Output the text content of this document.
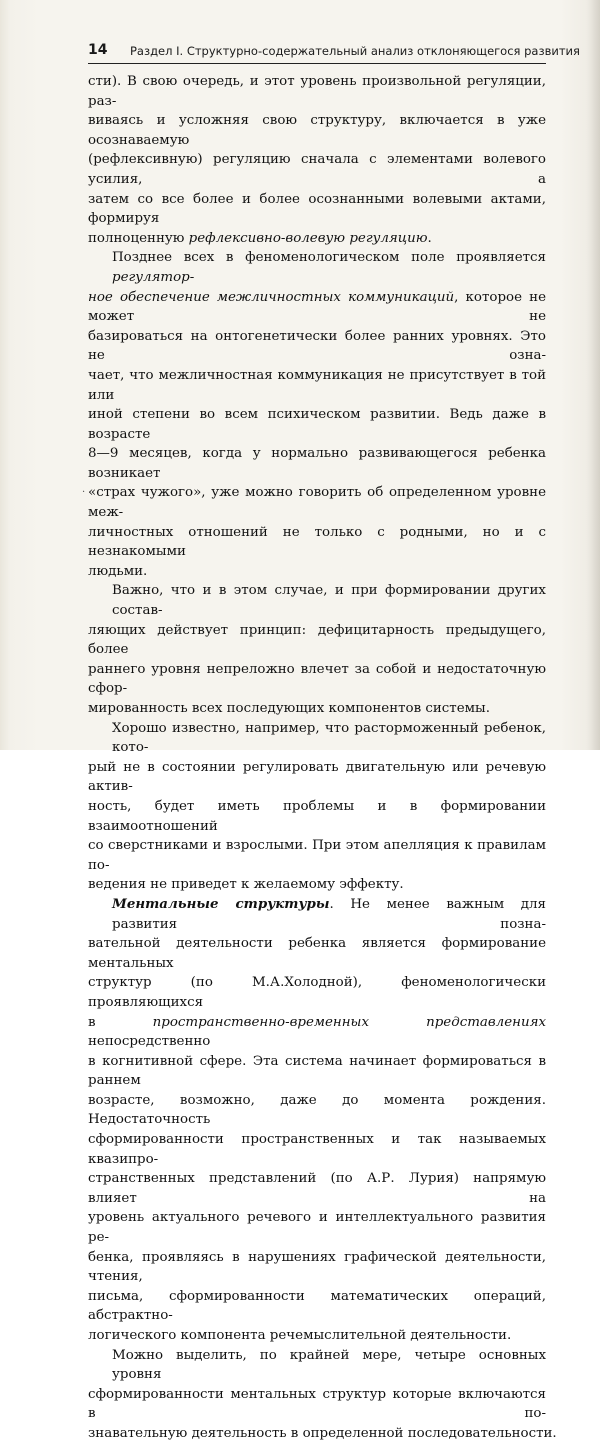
14 Раздел I. Структурно-содержательный анализ отклоняющегося развития
·

сти). В свою очередь, и этот уровень произвольной регуляции, раз-
виваясь и усложняя свою структуру, включается в уже осознаваемую
(рефлексивную) регуляцию сначала с элементами волевого усилия, а
затем со все более и более осознанными волевыми актами, формируя
полноценную рефлексивно-волевую регуляцию.

Позднее всех в феноменологическом поле проявляется регулятор-
ное обеспечение межличностных коммуникаций, которое не может не
базироваться на онтогенетически более ранних уровнях. Это не озна-
чает, что межличностная коммуникация не присутствует в той или
иной степени во всем психическом развитии. Ведь даже в возрасте
8—9 месяцев, когда у нормально развивающегося ребенка возникает
«страх чужого», уже можно говорить об определенном уровне меж-
личностных отношений не только с родными, но и с незнакомыми
людьми.

Важно, что и в этом случае, и при формировании других состав-
ляющих действует принцип: дефицитарность предыдущего, более
раннего уровня непреложно влечет за собой и недостаточную сфор-
мированность всех последующих компонентов системы.

Хорошо известно, например, что расторможенный ребенок, кото-
рый не в состоянии регулировать двигательную или речевую актив-
ность, будет иметь проблемы и в формировании взаимоотношений
со сверстниками и взрослыми. При этом апелляция к правилам по-
ведения не приведет к желаемому эффекту.

Ментальные структуры. Не менее важным для развития позна-
вательной деятельности ребенка является формирование ментальных
структур (по М.А.Холодной), феноменологически проявляющихся
в пространственно-временных представлениях непосредственно
в когнитивной сфере. Эта система начинает формироваться в раннем
возрасте, возможно, даже до момента рождения. Недостаточность
сформированности пространственных и так называемых квазипро-
странственных представлений (по А.Р. Лурия) напрямую влияет на
уровень актуального речевого и интеллектуального развития ре-
бенка, проявляясь в нарушениях графической деятельности, чтения,
письма, сформированности математических операций, абстрактно-
логического компонента речемыслительной деятельности.

Можно выделить, по крайней мере, четыре основных уровня
сформированности ментальных структур которые включаются в по-
знавательную деятельность в определенной последовательности.
